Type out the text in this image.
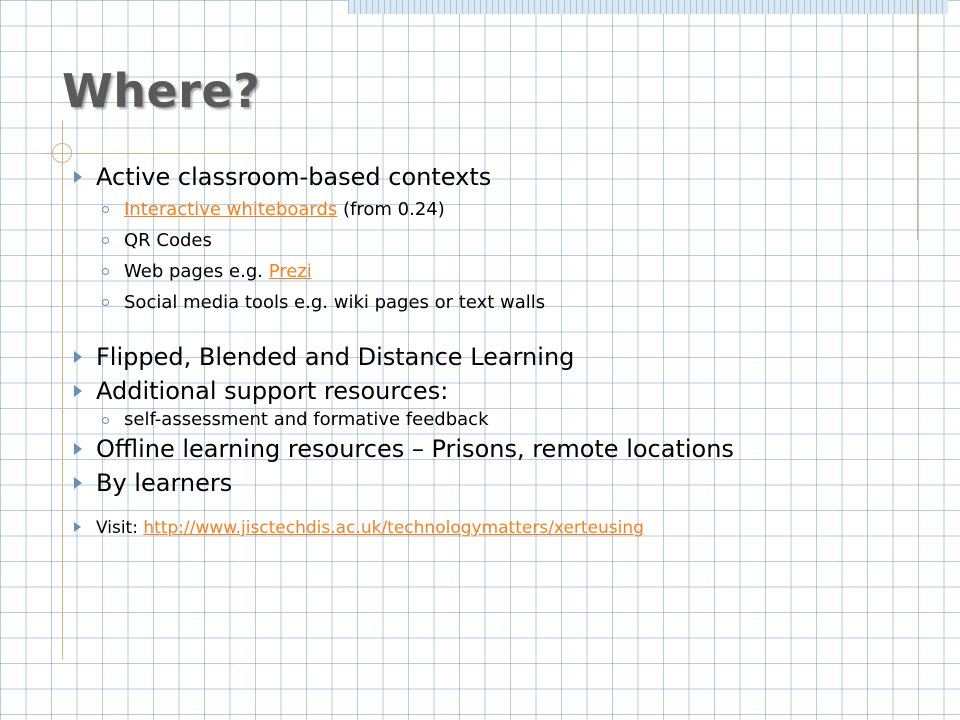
Where?
Active classroom-based contexts
Interactive whiteboards (from 0.24)
QR Codes
Web pages e.g. Prezi
Social media tools e.g. wiki pages or text walls
Flipped, Blended and Distance Learning
Additional support resources:
self-assessment and formative feedback
Offline learning resources – Prisons, remote locations
By learners
Visit: http://www.jisctechdis.ac.uk/technologymatters/xerteusing
